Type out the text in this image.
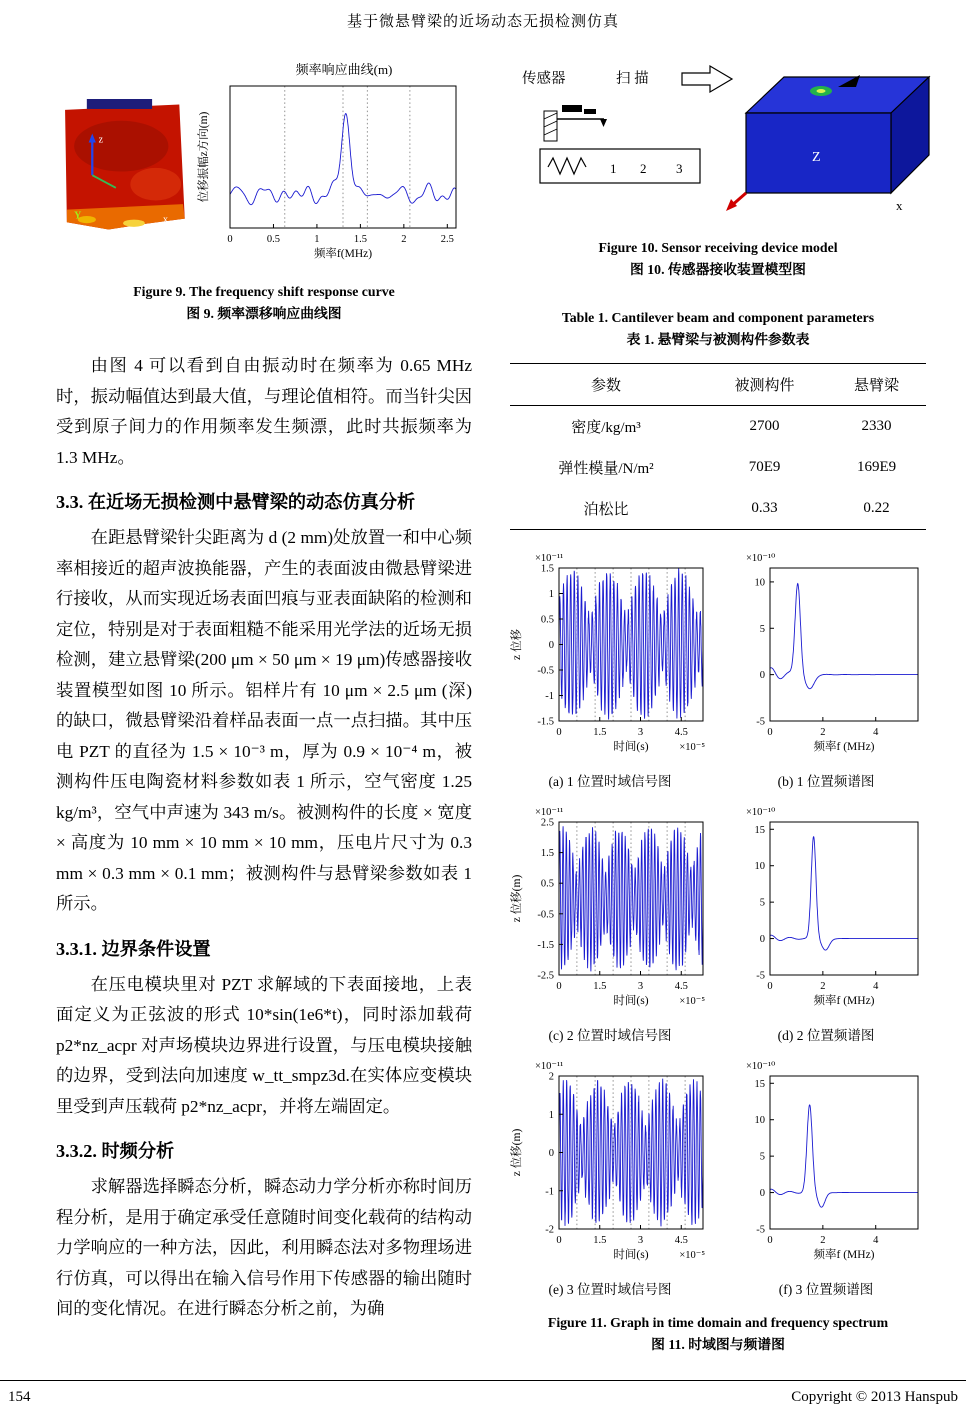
基于微悬臂梁的近场动态无损检测仿真
z
Y	x
频率响应曲线(m)
0	0.5	1	1.5	2	2.5
频率f(MHz)
位移振幅z方向(m)
Figure 9. The frequency shift response curve
图 9. 频率漂移响应曲线图

由图 4 可以看到自由振动时在频率为 0.65 MHz 时，振动幅值达到最大值，与理论值相符。而当针尖因受到原子间力的作用频率发生频漂，此时共振频率为 1.3 MHz。

3.3. 在近场无损检测中悬臂梁的动态仿真分析

在距悬臂梁针尖距离为 d (2 mm)处放置一和中心频率相接近的超声波换能器，产生的表面波由微悬臂梁进行接收，从而实现近场表面凹痕与亚表面缺陷的检测和定位，特别是对于表面粗糙不能采用光学法的近场无损检测，建立悬臂梁(200 μm × 50 μm × 19 μm)传感器接收装置模型如图 10 所示。铝样片有 10 μm × 2.5 μm (深)的缺口，微悬臂梁沿着样品表面一点一点扫描。其中压电 PZT 的直径为 1.5 × 10⁻³ m，厚为 0.9 × 10⁻⁴ m，被测构件压电陶瓷材料参数如表 1 所示，空气密度 1.25 kg/m³，空气中声速为 343 m/s。被测构件的长度 × 宽度 × 高度为 10 mm × 10 mm × 10 mm，压电片尺寸为 0.3 mm × 0.3 mm × 0.1 mm；被测构件与悬臂梁参数如表 1 所示。

3.3.1. 边界条件设置

在压电模块里对 PZT 求解域的下表面接地，上表面定义为正弦波的形式 10*sin(1e6*t)，同时添加载荷 p2*nz_acpr 对声场模块边界进行设置，与压电模块接触的边界，受到法向加速度 w_tt_smpz3d.在实体应变模块里受到声压载荷 p2*nz_acpr，并将左端固定。

3.3.2. 时频分析

求解器选择瞬态分析，瞬态动力学分析亦称时间历程分析，是用于确定承受任意随时间变化载荷的结构动力学响应的一种方法，因此，利用瞬态法对多物理场进行仿真，可以得出在输入信号作用下传感器的输出随时间的变化情况。在进行瞬态分析之前，为确

传感器	扫 描
1 2 3
Z
x
Figure 10. Sensor receiving device model
图 10. 传感器接收装置模型图
Table 1. Cantilever beam and component parameters
表 1. 悬臂梁与被测构件参数表
参数	被测构件	悬臂梁
密度/kg/m³	2700	2330
弹性模量/N/m²	70E9	169E9
泊松比	0.33	0.22
0	1.5	3	4.5
1.5
1
0.5
0
-0.5
-1
-1.5
×10⁻¹¹
时间(s)	×10⁻⁵
z 位移
(a) 1 位置时域信号图
0	2	4
10
5
0
-5
×10⁻¹⁰
频率f (MHz)
(b) 1 位置频谱图
0	1.5	3	4.5
2.5
1.5
0.5
-0.5
-1.5
-2.5
×10⁻¹¹
时间(s)	×10⁻⁵
z 位移(m)
(c) 2 位置时域信号图
0	2	4
15
10
5
0
-5
×10⁻¹⁰
频率f (MHz)
(d) 2 位置频谱图
0	1.5	3	4.5
2
1
0
-1
-2
×10⁻¹¹
时间(s)	×10⁻⁵
z 位移(m)
(e) 3 位置时域信号图
0	2	4
15
10
5
0
-5
×10⁻¹⁰
频率f (MHz)
(f) 3 位置频谱图
Figure 11. Graph in time domain and frequency spectrum
图 11. 时域图与频谱图
154	Copyright © 2013 Hanspub
